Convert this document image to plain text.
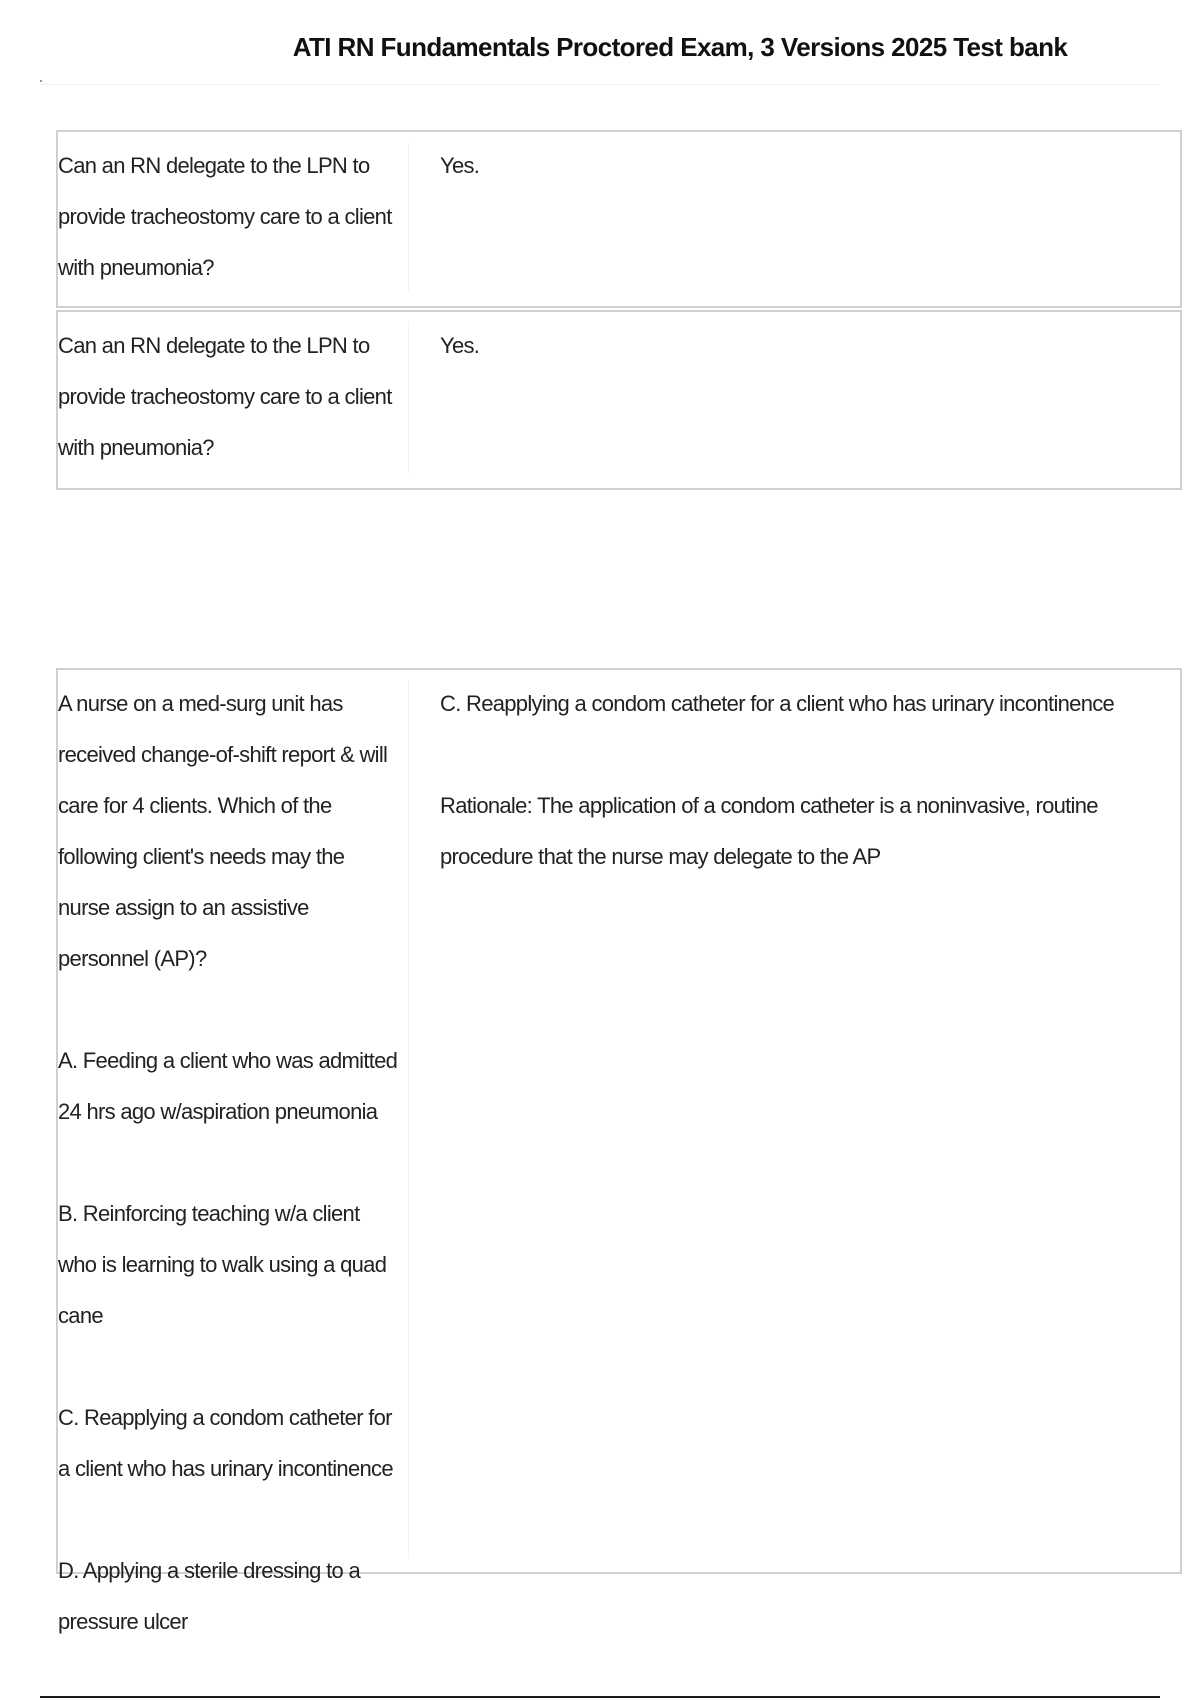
ATI RN Fundamentals Proctored Exam, 3 Versions 2025 Test bank

Can an RN delegate to the LPN to provide tracheostomy care to a client with pneumonia?

Yes.

Can an RN delegate to the LPN to provide tracheostomy care to a client with pneumonia?

Yes.

A nurse on a med-surg unit has received change-of-shift report & will care for 4 clients. Which of the following client's needs may the nurse assign to an assistive personnel (AP)?

A. Feeding a client who was admitted 24 hrs ago w/aspiration pneumonia

B. Reinforcing teaching w/a client who is learning to walk using a quad cane

C. Reapplying a condom catheter for a client who has urinary incontinence

D. Applying a sterile dressing to a pressure ulcer

C. Reapplying a condom catheter for a client who has urinary incontinence

Rationale: The application of a condom catheter is a noninvasive, routine procedure that the nurse may delegate to the AP
